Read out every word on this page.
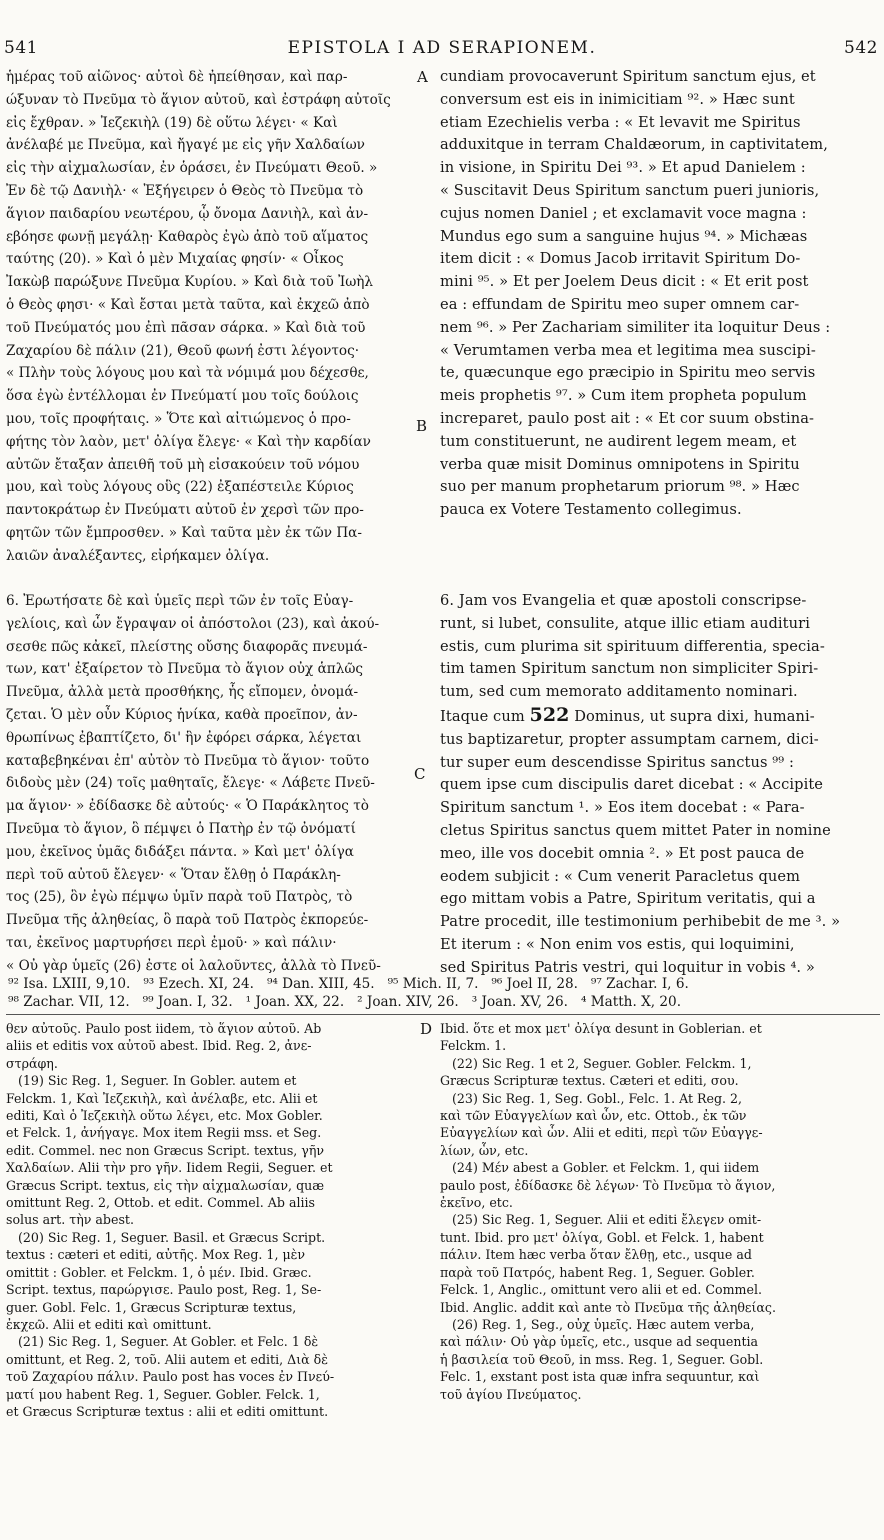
541	EPISTOLA I AD SERAPIONEM.	542
A
B
C
D
ἡμέρας τοῦ αἰῶνος· αὐτοὶ δὲ ἠπείθησαν, καὶ παρ-
ώξυναν τὸ Πνεῦμα τὸ ἅγιον αὐτοῦ, καὶ ἐστράφη αὐτοῖς
εἰς ἔχθραν. » Ἰεζεκιὴλ (19) δὲ οὕτω λέγει· « Καὶ
ἀνέλαβέ με Πνεῦμα, καὶ ἤγαγέ με εἰς γῆν Χαλδαίων
εἰς τὴν αἰχμαλωσίαν, ἐν ὁράσει, ἐν Πνεύματι Θεοῦ. »
Ἐν δὲ τῷ Δανιὴλ· « Ἐξήγειρεν ὁ Θεὸς τὸ Πνεῦμα τὸ
ἅγιον παιδαρίου νεωτέρου, ᾧ ὄνομα Δανιὴλ, καὶ ἀν-
εβόησε φωνῇ μεγάλῃ· Καθαρὸς ἐγὼ ἀπὸ τοῦ αἵματος
ταύτης (20). » Καὶ ὁ μὲν Μιχαίας φησίν· « Οἶκος
Ἰακὼβ παρώξυνε Πνεῦμα Κυρίου. » Καὶ διὰ τοῦ Ἰωὴλ
ὁ Θεὸς φησι· « Καὶ ἔσται μετὰ ταῦτα, καὶ ἐκχεῶ ἀπὸ
τοῦ Πνεύματός μου ἐπὶ πᾶσαν σάρκα. » Καὶ διὰ τοῦ
Ζαχαρίου δὲ πάλιν (21), Θεοῦ φωνή ἐστι λέγοντος·
« Πλὴν τοὺς λόγους μου καὶ τὰ νόμιμά μου δέχεσθε,
ὅσα ἐγὼ ἐντέλλομαι ἐν Πνεύματί μου τοῖς δούλοις
μου, τοῖς προφήταις. » Ὅτε καὶ αἰτιώμενος ὁ προ-
φήτης τὸν λαὸν, μετ' ὀλίγα ἔλεγε· « Καὶ τὴν καρδίαν
αὐτῶν ἔταξαν ἀπειθῆ τοῦ μὴ εἰσακούειν τοῦ νόμου
μου, καὶ τοὺς λόγους οὓς (22) ἐξαπέστειλε Κύριος
παντοκράτωρ ἐν Πνεύματι αὐτοῦ ἐν χερσὶ τῶν προ-
φητῶν τῶν ἔμπροσθεν. » Καὶ ταῦτα μὲν ἐκ τῶν Πα-
λαιῶν ἀναλέξαντες, εἰρήκαμεν ὀλίγα.
cundiam provocaverunt Spiritum sanctum ejus, et
conversum est eis in inimicitiam ⁹². » Hæc sunt
etiam Ezechielis verba : « Et levavit me Spiritus
adduxitque in terram Chaldæorum, in captivitatem,
in visione, in Spiritu Dei ⁹³. » Et apud Danielem :
« Suscitavit Deus Spiritum sanctum pueri junioris,
cujus nomen Daniel ; et exclamavit voce magna :
Mundus ego sum a sanguine hujus ⁹⁴. » Michæas
item dicit : « Domus Jacob irritavit Spiritum Do-
mini ⁹⁵. » Et per Joelem Deus dicit : « Et erit post
ea : effundam de Spiritu meo super omnem car-
nem ⁹⁶. » Per Zachariam similiter ita loquitur Deus :
« Verumtamen verba mea et legitima mea suscipi-
te, quæcunque ego præcipio in Spiritu meo servis
meis prophetis ⁹⁷. » Cum item propheta populum
increparet, paulo post ait : « Et cor suum obstina-
tum constituerunt, ne audirent legem meam, et
verba quæ misit Dominus omnipotens in Spiritu
suo per manum prophetarum priorum ⁹⁸. » Hæc
pauca ex Votere Testamento collegimus.
6. Ἐρωτήσατε δὲ καὶ ὑμεῖς περὶ τῶν ἐν τοῖς Εὐαγ-
γελίοις, καὶ ὧν ἔγραψαν οἱ ἀπόστολοι (23), καὶ ἀκού-
σεσθε πῶς κἀκεῖ, πλείστης οὔσης διαφορᾶς πνευμά-
των, κατ' ἐξαίρετον τὸ Πνεῦμα τὸ ἅγιον οὐχ ἁπλῶς
Πνεῦμα, ἀλλὰ μετὰ προσθήκης, ἧς εἴπομεν, ὀνομά-
ζεται. Ὁ μὲν οὖν Κύριος ἡνίκα, καθὰ προεῖπον, ἀν-
θρωπίνως ἐβαπτίζετο, δι' ἣν ἐφόρει σάρκα, λέγεται
καταβεβηκέναι ἐπ' αὐτὸν τὸ Πνεῦμα τὸ ἅγιον· τοῦτο
διδοὺς μὲν (24) τοῖς μαθηταῖς, ἔλεγε· « Λάβετε Πνεῦ-
μα ἅγιον· » ἐδίδασκε δὲ αὐτούς· « Ὁ Παράκλητος τὸ
Πνεῦμα τὸ ἅγιον, ὃ πέμψει ὁ Πατὴρ ἐν τῷ ὀνόματί
μου, ἐκεῖνος ὑμᾶς διδάξει πάντα. » Καὶ μετ' ὀλίγα
περὶ τοῦ αὐτοῦ ἔλεγεν· « Ὅταν ἔλθῃ ὁ Παράκλη-
τος (25), ὃν ἐγὼ πέμψω ὑμῖν παρὰ τοῦ Πατρὸς, τὸ
Πνεῦμα τῆς ἀληθείας, ὃ παρὰ τοῦ Πατρὸς ἐκπορεύε-
ται, ἐκεῖνος μαρτυρήσει περὶ ἐμοῦ· » καὶ πάλιν·
« Οὐ γὰρ ὑμεῖς (26) ἐστε οἱ λαλοῦντες, ἀλλὰ τὸ Πνεῦ-
6. Jam vos Evangelia et quæ apostoli conscripse-
runt, si lubet, consulite, atque illic etiam audituri
estis, cum plurima sit spirituum differentia, specia-
tim tamen Spiritum sanctum non simpliciter Spiri-
tum, sed cum memorato additamento nominari.
Itaque cum 522 Dominus, ut supra dixi, humani-
tus baptizaretur, propter assumptam carnem, dici-
tur super eum descendisse Spiritus sanctus ⁹⁹ :
quem ipse cum discipulis daret dicebat : « Accipite
Spiritum sanctum ¹. » Eos item docebat : « Para-
cletus Spiritus sanctus quem mittet Pater in nomine
meo, ille vos docebit omnia ². » Et post pauca de
eodem subjicit : « Cum venerit Paracletus quem
ego mittam vobis a Patre, Spiritum veritatis, qui a
Patre procedit, ille testimonium perhibebit de me ³. »
Et iterum : « Non enim vos estis, qui loquimini,
sed Spiritus Patris vestri, qui loquitur in vobis ⁴. »
⁹² Isa. LXIII, 9,10.   ⁹³ Ezech. XI, 24.   ⁹⁴ Dan. XIII, 45.   ⁹⁵ Mich. II, 7.   ⁹⁶ Joel II, 28.   ⁹⁷ Zachar. I, 6.
⁹⁸ Zachar. VII, 12.   ⁹⁹ Joan. I, 32.   ¹ Joan. XX, 22.   ² Joan. XIV, 26.   ³ Joan. XV, 26.   ⁴ Matth. X, 20.
θεν αὐτοῦς. Paulo post iidem, τὸ ἅγιον αὐτοῦ. Ab
aliis et editis vox αὐτοῦ abest. Ibid. Reg. 2, ἀνε-
στράφη.
(19) Sic Reg. 1, Seguer. In Gobler. autem et
Felckm. 1, Καὶ Ἰεζεκιὴλ, καὶ ἀνέλαβε, etc. Alii et
editi, Καὶ ὁ Ἰεζεκιὴλ οὕτω λέγει, etc. Mox Gobler.
et Felck. 1, ἀνήγαγε. Mox item Regii mss. et Seg.
edit. Commel. nec non Græcus Script. textus, γῆν
Χαλδαίων. Alii τὴν pro γῆν. Iidem Regii, Seguer. et
Græcus Script. textus, εἰς τὴν αἰχμαλωσίαν, quæ
omittunt Reg. 2, Ottob. et edit. Commel. Ab aliis
solus art. τὴν abest.
(20) Sic Reg. 1, Seguer. Basil. et Græcus Script.
textus : cæteri et editi, αὐτῆς. Mox Reg. 1, μὲν
omittit : Gobler. et Felckm. 1, ὁ μέν. Ibid. Græc.
Script. textus, παρώργισε. Paulo post, Reg. 1, Se-
guer. Gobl. Felc. 1, Græcus Scripturæ textus,
ἐκχεῶ. Alii et editi καὶ omittunt.
(21) Sic Reg. 1, Seguer. At Gobler. et Felc. 1 δὲ
omittunt, et Reg. 2, τοῦ. Alii autem et editi, Διὰ δὲ
τοῦ Ζαχαρίου πάλιν. Paulo post has voces ἐν Πνεύ-
ματί μου habent Reg. 1, Seguer. Gobler. Felck. 1,
et Græcus Scripturæ textus : alii et editi omittunt.
Ibid. ὅτε et mox μετ' ὀλίγα desunt in Goblerian. et
Felckm. 1.
(22) Sic Reg. 1 et 2, Seguer. Gobler. Felckm. 1,
Græcus Scripturæ textus. Cæteri et editi, σου.
(23) Sic Reg. 1, Seg. Gobl., Felc. 1. At Reg. 2,
καὶ τῶν Εὐαγγελίων καὶ ὧν, etc. Ottob., ἐκ τῶν
Εὐαγγελίων καὶ ὧν. Alii et editi, περὶ τῶν Εὐαγγε-
λίων, ὧν, etc.
(24) Μέν abest a Gobler. et Felckm. 1, qui iidem
paulo post, ἐδίδασκε δὲ λέγων· Τὸ Πνεῦμα τὸ ἅγιον,
ἐκεῖνο, etc.
(25) Sic Reg. 1, Seguer. Alii et editi ἔλεγεν omit-
tunt. Ibid. pro μετ' ὀλίγα, Gobl. et Felck. 1, habent
πάλιν. Item hæc verba ὅταν ἔλθῃ, etc., usque ad
παρὰ τοῦ Πατρός, habent Reg. 1, Seguer. Gobler.
Felck. 1, Anglic., omittunt vero alii et ed. Commel.
Ibid. Anglic. addit καὶ ante τὸ Πνεῦμα τῆς ἀληθείας.
(26) Reg. 1, Seg., οὐχ ὑμεῖς. Hæc autem verba,
καὶ πάλιν· Οὐ γὰρ ὑμεῖς, etc., usque ad sequentia
ἡ βασιλεία τοῦ Θεοῦ, in mss. Reg. 1, Seguer. Gobl.
Felc. 1, exstant post ista quæ infra sequuntur, καὶ
τοῦ ἁγίου Πνεύματος.
